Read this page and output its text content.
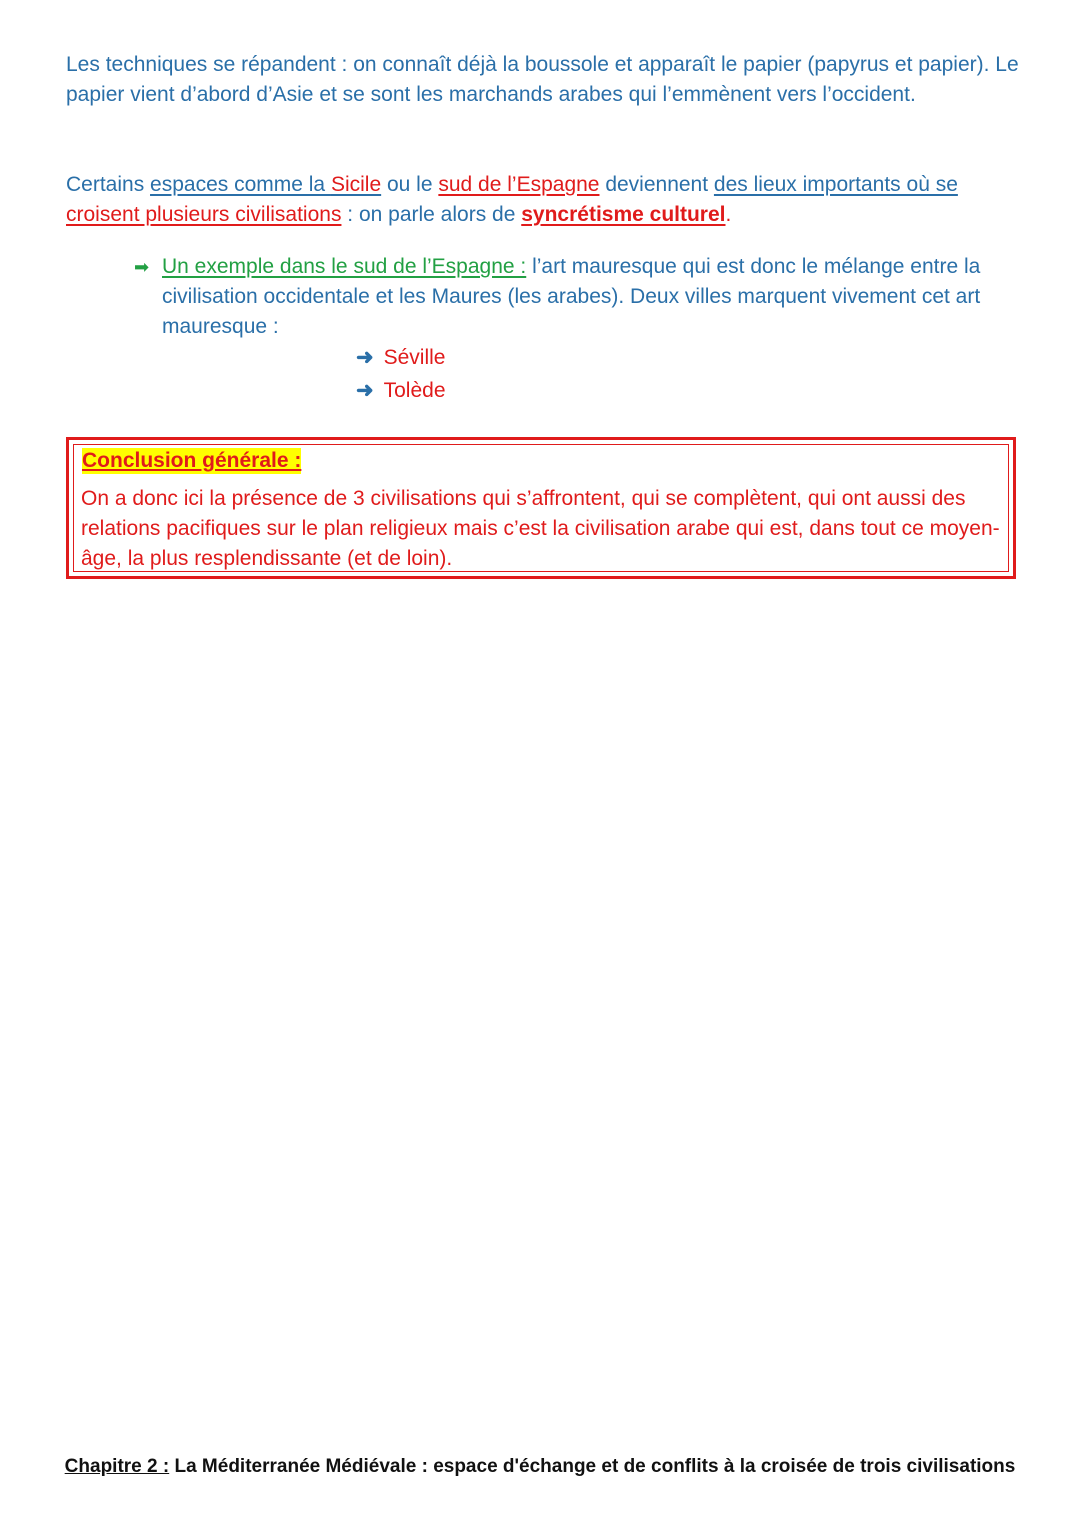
Les techniques se répandent : on connaît déjà la boussole et apparaît le papier (papyrus et papier). Le papier vient d’abord d’Asie et se sont les marchands arabes qui l’emmènent vers l’occident.

Certains espaces comme la Sicile ou le sud de l’Espagne deviennent des lieux importants où se croisent plusieurs civilisations : on parle alors de syncrétisme culturel.

➡ Un exemple dans le sud de l’Espagne : l’art mauresque qui est donc le mélange entre la civilisation occidentale et les Maures (les arabes). Deux villes marquent vivement cet art mauresque :
➜ Séville
➜ Tolède
Conclusion générale :
On a donc ici la présence de 3 civilisations qui s’affrontent, qui se complètent, qui ont aussi des relations pacifiques sur le plan religieux mais c’est la civilisation arabe qui est, dans tout ce moyen-âge, la plus resplendissante (et de loin).
Chapitre 2 : La Méditerranée Médiévale : espace d'échange et de conflits à la croisée de trois civilisations
